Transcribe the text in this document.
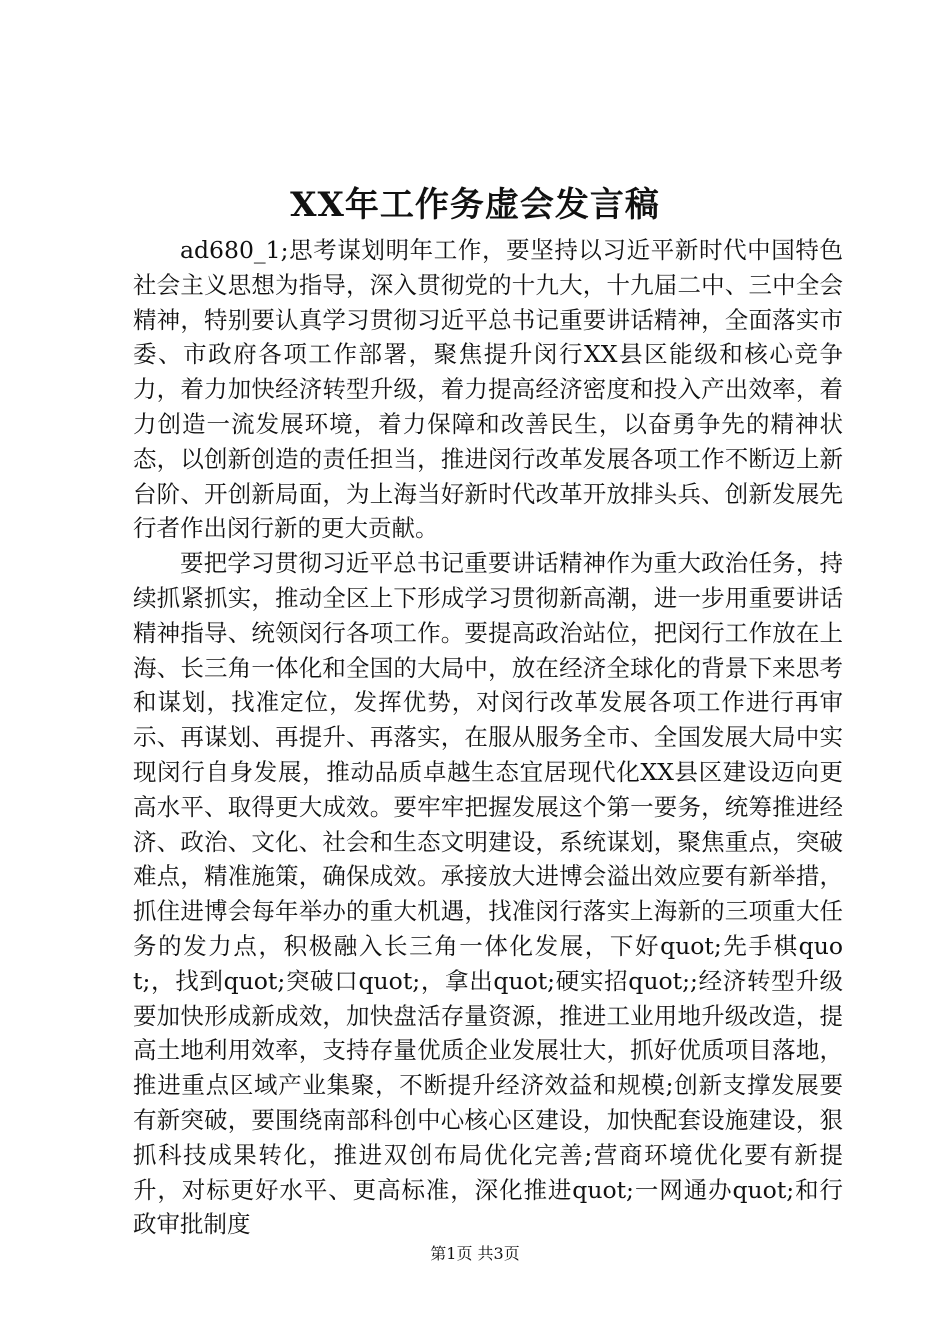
XX年工作务虚会发言稿

ad680_1;思考谋划明年工作，要坚持以习近平新时代中国特色社会主义思想为指导，深入贯彻党的十九大，十九届二中、三中全会精神，特别要认真学习贯彻习近平总书记重要讲话精神，全面落实市委、市政府各项工作部署，聚焦提升闵行XX县区能级和核心竞争力，着力加快经济转型升级，着力提高经济密度和投入产出效率，着力创造一流发展环境，着力保障和改善民生，以奋勇争先的精神状态，以创新创造的责任担当，推进闵行改革发展各项工作不断迈上新台阶、开创新局面，为上海当好新时代改革开放排头兵、创新发展先行者作出闵行新的更大贡献。

要把学习贯彻习近平总书记重要讲话精神作为重大政治任务，持续抓紧抓实，推动全区上下形成学习贯彻新高潮，进一步用重要讲话精神指导、统领闵行各项工作。要提高政治站位，把闵行工作放在上海、长三角一体化和全国的大局中，放在经济全球化的背景下来思考和谋划，找准定位，发挥优势，对闵行改革发展各项工作进行再审示、再谋划、再提升、再落实，在服从服务全市、全国发展大局中实现闵行自身发展，推动品质卓越生态宜居现代化XX县区建设迈向更高水平、取得更大成效。要牢牢把握发展这个第一要务，统筹推进经济、政治、文化、社会和生态文明建设，系统谋划，聚焦重点，突破难点，精准施策，确保成效。承接放大进博会溢出效应要有新举措，抓住进博会每年举办的重大机遇，找准闵行落实上海新的三项重大任务的发力点，积极融入长三角一体化发展，下好quot;先手棋quot;，找到quot;突破口quot;，拿出quot;硬实招quot;;经济转型升级要加快形成新成效，加快盘活存量资源，推进工业用地升级改造，提高土地利用效率，支持存量优质企业发展壮大，抓好优质项目落地，推进重点区域产业集聚，不断提升经济效益和规模;创新支撑发展要有新突破，要围绕南部科创中心核心区建设，加快配套设施建设，狠抓科技成果转化，推进双创布局优化完善;营商环境优化要有新提升，对标更好水平、更高标准，深化推进quot;一网通办quot;和行政审批制度

第1页 共3页
